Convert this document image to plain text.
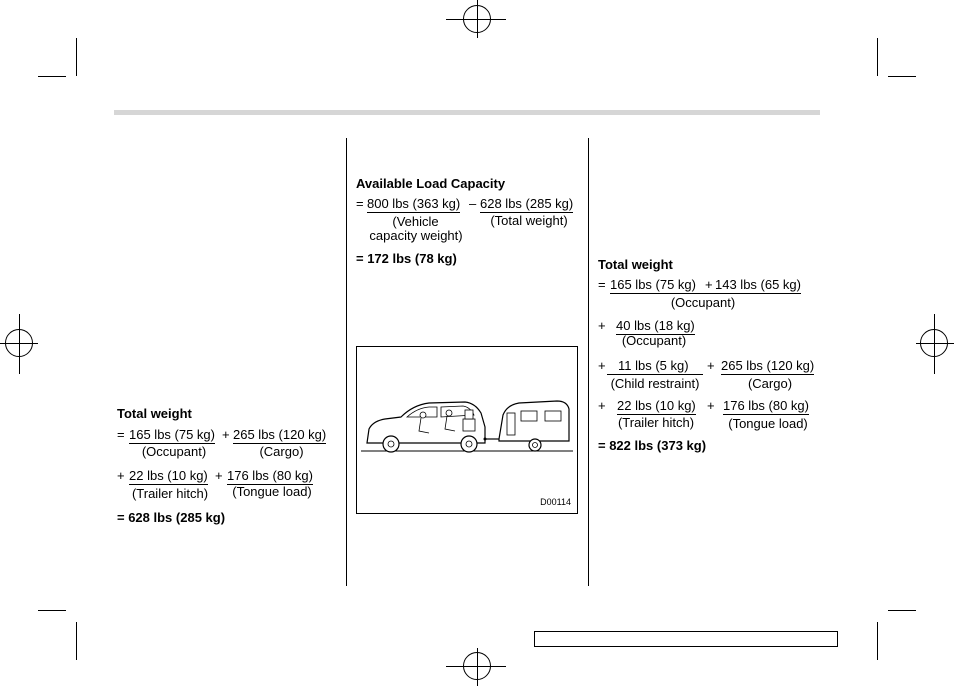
Total weight
= 165 lbs (75 kg) + 265 lbs (120 kg)
(Occupant)	(Cargo)
+ 22 lbs (10 kg) + 176 lbs (80 kg)
(Trailer hitch)	(Tongue load)
= 628 lbs (285 kg)
Available Load Capacity
= 800 lbs (363 kg) – 628 lbs (285 kg)
(Vehicle
capacity weight)
(Total weight)
= 172 lbs (78 kg)
D00114
Total weight
= 165 lbs (75 kg) + 143 lbs (65 kg)
(Occupant)
+ 40 lbs (18 kg)
(Occupant)
+ 11 lbs (5 kg) + 265 lbs (120 kg)
(Child restraint)	(Cargo)
+ 22 lbs (10 kg) + 176 lbs (80 kg)
(Trailer hitch)	(Tongue load)
= 822 lbs (373 kg)
